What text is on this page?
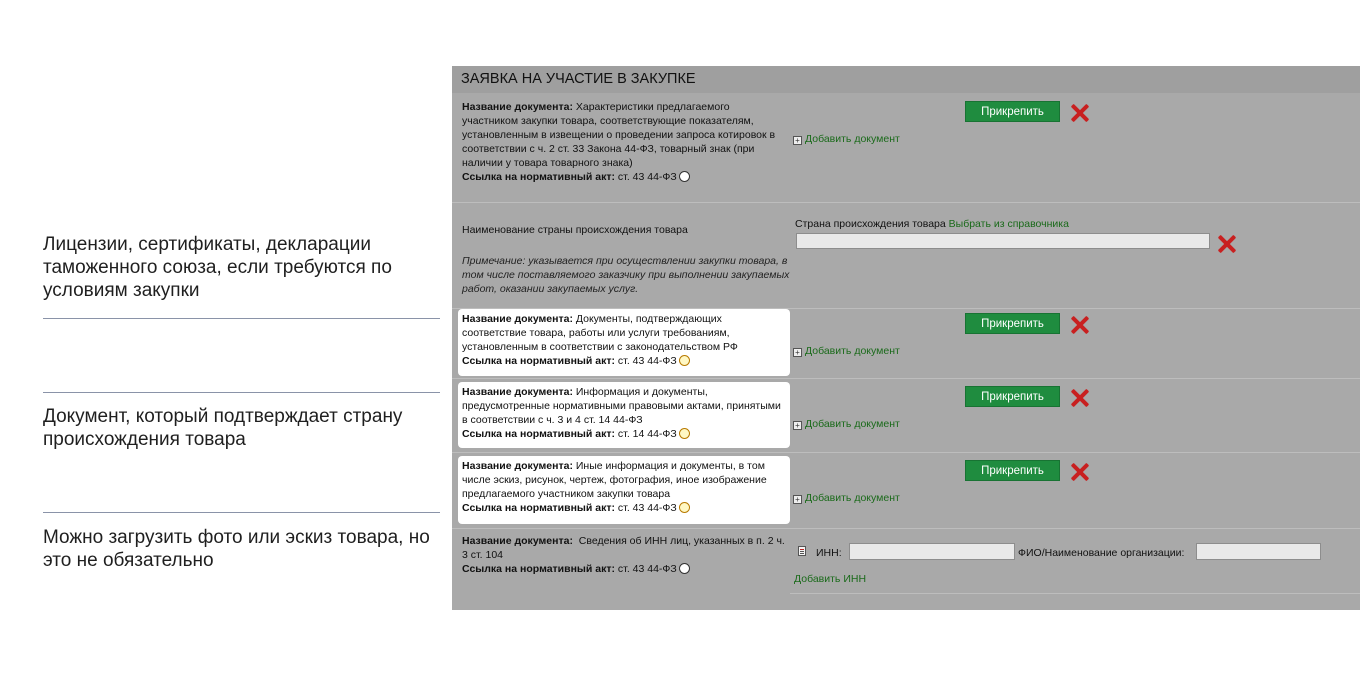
Лицензии, сертификаты, декларации таможенного союза, если требуются по условиям закупки
Документ, который подтверждает страну происхождения товара
Можно загрузить фото или эскиз товара, но это не обязательно
ЗАЯВКА НА УЧАСТИЕ В ЗАКУПКЕ
Название документа: Характеристики предлагаемого участником закупки товара, соответствующие показателям, установленным в извещении о проведении запроса котировок в соответствии с ч. 2 ст. 33 Закона 44-ФЗ, товарный знак (при наличии у товара товарного знака)
Ссылка на нормативный акт: ст. 43 44-ФЗ
Прикрепить
+ Добавить документ
Наименование страны происхождения товара
Примечание: указывается при осуществлении закупки товара, в том числе поставляемого заказчику при выполнении закупаемых работ, оказании закупаемых услуг.
Страна происхождения товара Выбрать из справочника
Название документа: Документы, подтверждающих соответствие товара, работы или услуги требованиям, установленным в соответствии с законодательством РФ
Ссылка на нормативный акт: ст. 43 44-ФЗ
Прикрепить
+ Добавить документ
Название документа: Информация и документы, предусмотренные нормативными правовыми актами, принятыми в соответствии с ч. 3 и 4 ст. 14 44-ФЗ
Ссылка на нормативный акт: ст. 14 44-ФЗ
Прикрепить
+ Добавить документ
Название документа: Иные информация и документы, в том числе эскиз, рисунок, чертеж, фотография, иное изображение предлагаемого участником закупки товара
Ссылка на нормативный акт: ст. 43 44-ФЗ
Прикрепить
+ Добавить документ
Название документа: Сведения об ИНН лиц, указанных в п. 2 ч. 3 ст. 104
Ссылка на нормативный акт: ст. 43 44-ФЗ
ИНН:	ФИО/Наименование организации:
Добавить ИНН
